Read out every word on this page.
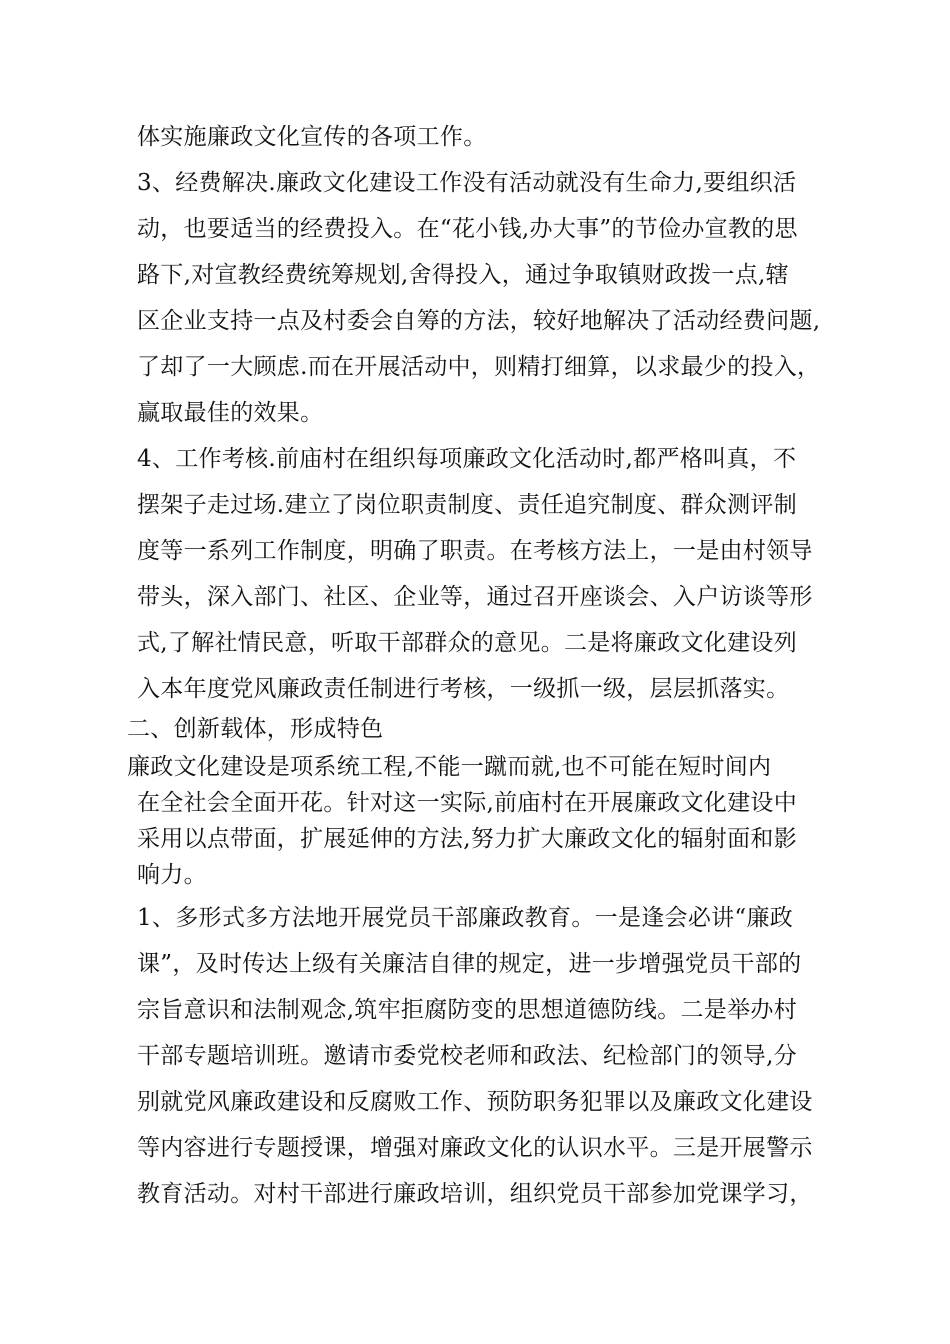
体实施廉政文化宣传的各项工作。
3、经费解决.廉政文化建设工作没有活动就没有生命力,要组织活
动，也要适当的经费投入。在“花小钱,办大事”的节俭办宣教的思
路下,对宣教经费统筹规划,舍得投入，通过争取镇财政拨一点,辖
区企业支持一点及村委会自筹的方法，较好地解决了活动经费问题,
了却了一大顾虑.而在开展活动中，则精打细算，以求最少的投入，
赢取最佳的效果。
4、工作考核.前庙村在组织每项廉政文化活动时,都严格叫真，不
摆架子走过场.建立了岗位职责制度、责任追究制度、群众测评制
度等一系列工作制度，明确了职责。在考核方法上，一是由村领导
带头，深入部门、社区、企业等，通过召开座谈会、入户访谈等形
式,了解社情民意，听取干部群众的意见。二是将廉政文化建设列
入本年度党风廉政责任制进行考核，一级抓一级，层层抓落实。
二、创新载体，形成特色
廉政文化建设是项系统工程,不能一蹴而就,也不可能在短时间内
在全社会全面开花。针对这一实际,前庙村在开展廉政文化建设中
采用以点带面，扩展延伸的方法,努力扩大廉政文化的辐射面和影
响力。
1、多形式多方法地开展党员干部廉政教育。一是逢会必讲“廉政
课”，及时传达上级有关廉洁自律的规定，进一步增强党员干部的
宗旨意识和法制观念,筑牢拒腐防变的思想道德防线。二是举办村
干部专题培训班。邀请市委党校老师和政法、纪检部门的领导,分
别就党风廉政建设和反腐败工作、预防职务犯罪以及廉政文化建设
等内容进行专题授课，增强对廉政文化的认识水平。三是开展警示
教育活动。对村干部进行廉政培训，组织党员干部参加党课学习，
